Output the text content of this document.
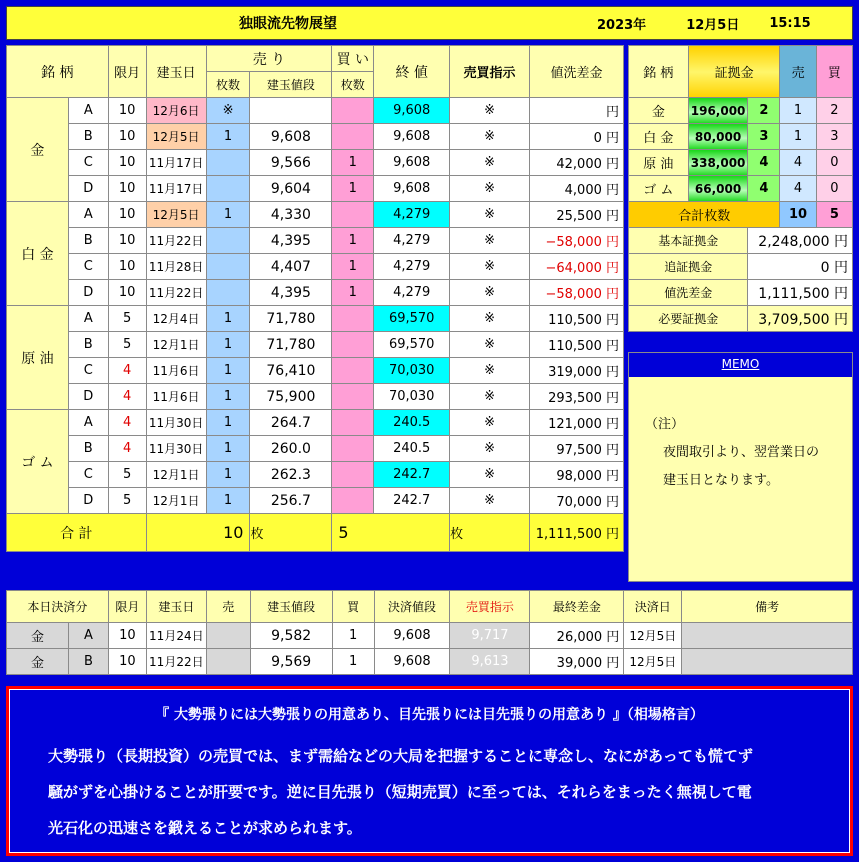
独眼流先物展望	2023年	12月5日 15:15
銘 柄		限月	建玉日	売 り		買 い	終 値	売買指示	値洗差金
				枚数	建玉値段	枚数			
金	A	10	12月6日	※			9,608	※	円
	B	10	12月5日	1	9,608		9,608	※	0 円
	C	10	11月17日		9,566	1	9,608	※	42,000 円
	D	10	11月17日		9,604	1	9,608	※	4,000 円
白 金	A	10	12月5日	1	4,330		4,279	※	25,500 円
	B	10	11月22日		4,395	1	4,279	※	−58,000 円
	C	10	11月28日		4,407	1	4,279	※	−64,000 円
	D	10	11月22日		4,395	1	4,279	※	−58,000 円
原 油	A	5	12月4日	1	71,780		69,570	※	110,500 円
	B	5	12月1日	1	71,780		69,570	※	110,500 円
	C	4	11月6日	1	76,410		70,030	※	319,000 円
	D	4	11月6日	1	75,900		70,030	※	293,500 円
ゴ ム	A	4	11月30日	1	264.7		240.5	※	121,000 円
	B	4	11月30日	1	260.0		240.5	※	97,500 円
	C	5	12月1日	1	262.3		242.7	※	98,000 円
	D	5	12月1日	1	256.7		242.7	※	70,000 円
合 計			10		枚	5		枚	1,111,500 円
銘 柄	証拠金		売	買
金	196,000	2	1	2
白 金	80,000	3	1	3
原 油	338,000	4	4	0
ゴ ム	66,000	4	4	0
合計枚数			10	5
基本証拠金		2,248,000 円		
追証拠金		0 円		
値洗差金		1,111,500 円		
必要証拠金		3,709,500 円		
MEMO
（注）
夜間取引より、翌営業日の
建玉日となります。
本日決済分		限月	建玉日	売	建玉値段	買	決済値段	売買指示	最終差金	決済日	備考
金	A	10	11月24日		9,582	1	9,608	9,717	26,000 円	12月5日	
金	B	10	11月22日		9,569	1	9,608	9,613	39,000 円	12月5日	
『 大勢張りには大勢張りの用意あり、目先張りには目先張りの用意あり 』（相場格言）
大勢張り（長期投資）の売買では、まず需給などの大局を把握することに専念し、なにがあっても慌てず
騒がずを心掛けることが肝要です。逆に目先張り（短期売買）に至っては、それらをまったく無視して電
光石化の迅速さを鍛えることが求められます。
